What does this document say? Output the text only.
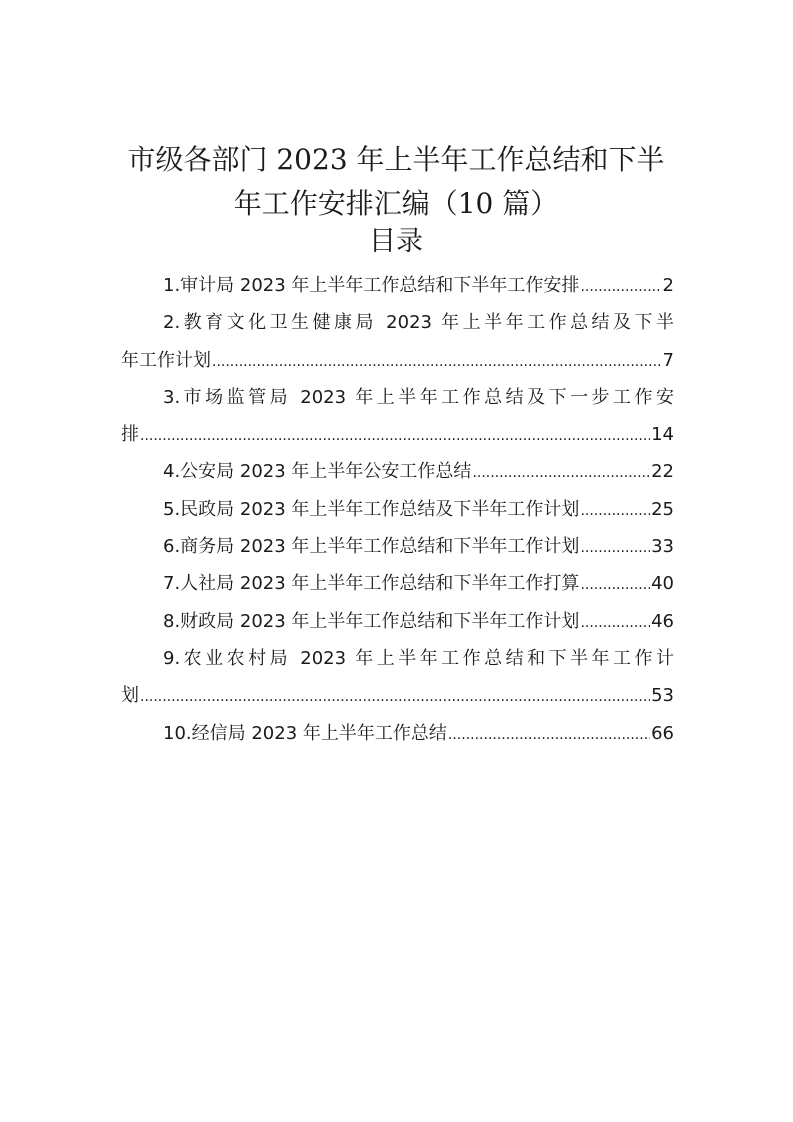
市级各部门 2023 年上半年工作总结和下半
年工作安排汇编（10 篇）
目录
1.审计局 2023 年上半年工作总结和下半年工作安排 .....	2
2.教育文化卫生健康局 2023 年上半年工作总结及下半
年工作计划 .....	7
3.市场监管局 2023 年上半年工作总结及下一步工作安
排 .....	14
4.公安局 2023 年上半年公安工作总结 .....	22
5.民政局 2023 年上半年工作总结及下半年工作计划 .....	25
6.商务局 2023 年上半年工作总结和下半年工作计划 .....	33
7.人社局 2023 年上半年工作总结和下半年工作打算 .....	40
8.财政局 2023 年上半年工作总结和下半年工作计划 .....	46
9.农业农村局 2023 年上半年工作总结和下半年工作计
划 .....	53
10.经信局 2023 年上半年工作总结 .....	66
